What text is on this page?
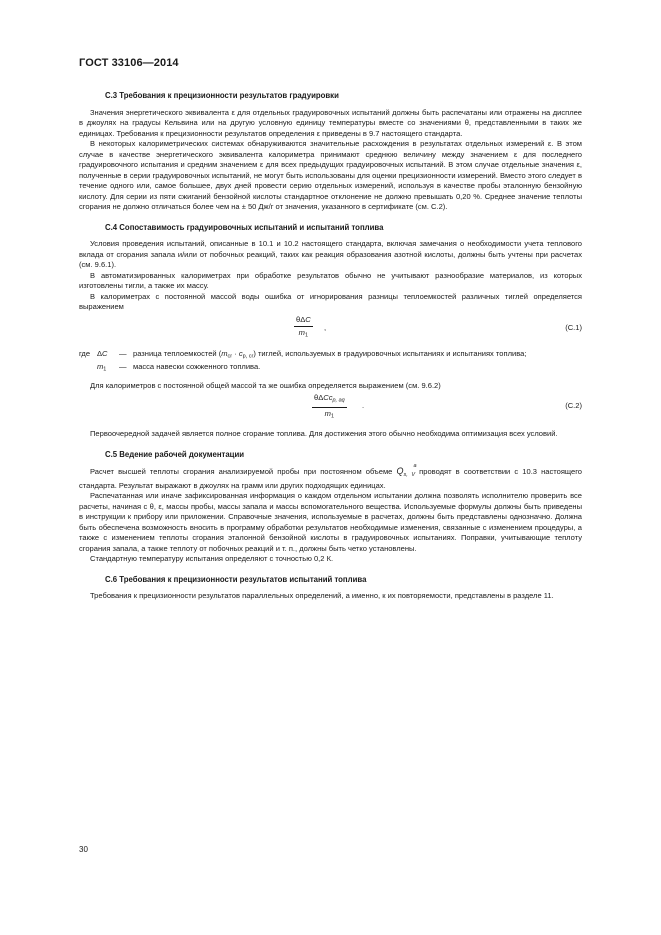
ГОСТ 33106—2014
С.3 Требования к прецизионности результатов градуировки

Значения энергетического эквивалента ε для отдельных градуировочных испытаний должны быть распечатаны или отражены на дисплее в джоулях на градусы Кельвина или на другую условную единицу температуры вместе со значениями θ, представленными в таких же единицах. Требования к прецизионности результатов определения ε приведены в 9.7 настоящего стандарта.

В некоторых калориметрических системах обнаруживаются значительные расхождения в результатах отдельных измерений ε. В этом случае в качестве энергетического эквивалента калориметра принимают среднюю величину между значением ε для последнего градуировочного испытания и средним значением ε для всех предыдущих градуировочных испытаний. В этом случае отдельные значения ε, полученные в серии градуировочных испытаний, не могут быть использованы для оценки прецизионности измерений. Вместо этого следует в течение одного или, самое большее, двух дней провести серию отдельных измерений, используя в качестве пробы эталонную бензойную кислоту. Для серии из пяти сжиганий бензойной кислоты стандартное отклонение не должно превышать 0,20 %. Среднее значение теплоты сгорания не должно отличаться более чем на ± 50 Дж/г от значения, указанного в сертификате (см. С.2).

С.4 Сопоставимость градуировочных испытаний и испытаний топлива

Условия проведения испытаний, описанные в 10.1 и 10.2 настоящего стандарта, включая замечания о необходимости учета теплового вклада от сгорания запала и/или от побочных реакций, таких как реакция образования азотной кислоты, должны быть учтены при расчетах (см. 9.6.1).

В автоматизированных калориметрах при обработке результатов обычно не учитывают разнообразие материалов, из которых изготовлены тигли, а также их массу.

В калориметрах с постоянной массой воды ошибка от игнорирования разницы теплоемкостей различных тиглей определяется выражением

θΔC
$m_1$
,	(С.1)
где ΔC	— разница теплоемкостей $(m_{cr} \cdot c_{p, cr})$ тиглей, используемых в градуировочных испытаниях и испытаниях топлива;
$m_1$	— масса навески сожженного топлива.

Для калориметров с постоянной общей массой та же ошибка определяется выражением (см. 9.6.2)

θΔCc$_{p, aq}$
$m_1$
.	(С.2)

Первоочередной задачей является полное сгорание топлива. Для достижения этого обычно необходима оптимизация всех условий.

С.5 Ведение рабочей документации

Расчет высшей теплоты сгорания анализируемой пробы при постоянном объеме Q	a
$_{s, V}$ проводят в соответствии с 10.3 настоящего стандарта. Результат выражают в джоулях на грамм или других подходящих единицах.

Распечатанная или иначе зафиксированная информация о каждом отдельном испытании должна позволять исполнителю проверить все расчеты, начиная с θ, ε, массы пробы, массы запала и массы вспомогательного вещества. Используемые формулы должны быть приведены в инструкции к прибору или приложении. Справочные значения, используемые в расчетах, должны быть представлены однозначно. Должна быть обеспечена возможность вносить в программу обработки результатов необходимые изменения, связанные с изменением процедуры, а также с изменением теплоты сгорания эталонной бензойной кислоты в градуировочных испытаниях. Поправки, учитывающие теплоту сгорания запала, а также теплоту от побочных реакций и т. п., должны быть четко установлены.

Стандартную температуру испытания определяют с точностью 0,2 К.

С.6 Требования к прецизионности результатов испытаний топлива

Требования к прецизионности результатов параллельных определений, а именно, к их повторяемости, представлены в разделе 11.

30
